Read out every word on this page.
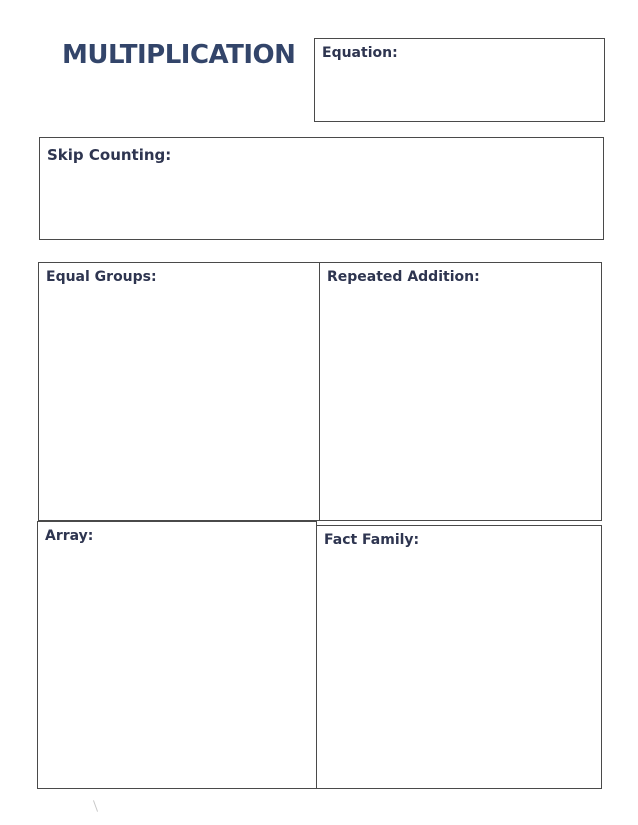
MULTIPLICATION Equation:
Skip Counting:
Equal Groups:	Repeated Addition:
Array:	Fact Family:
